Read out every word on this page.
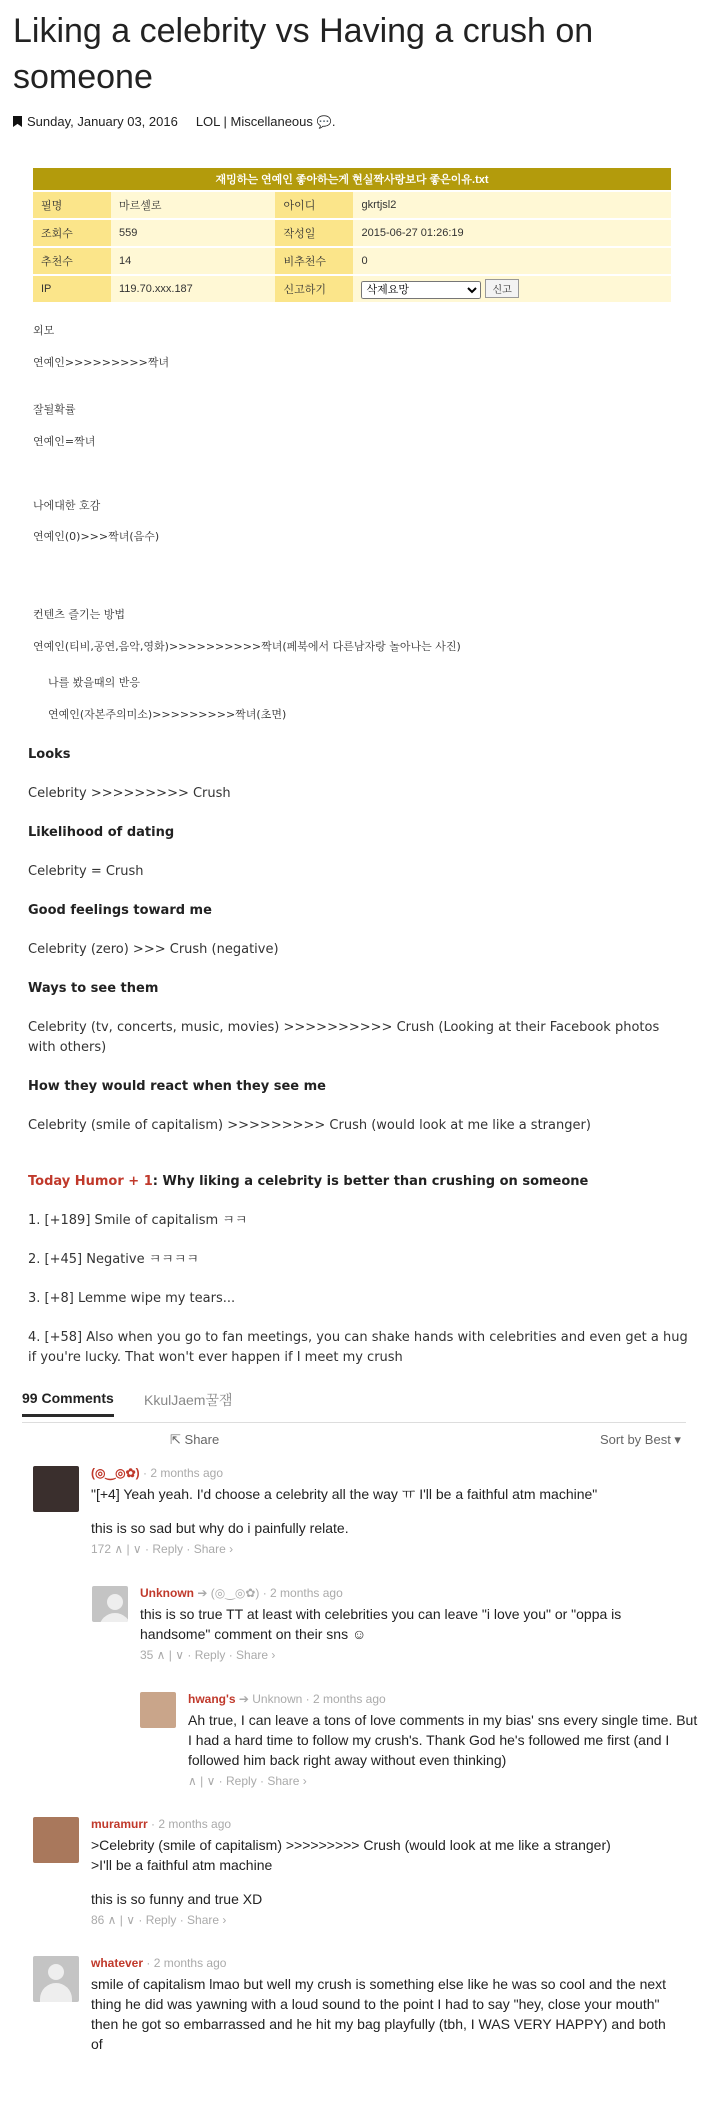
Liking a celebrity vs Having a crush on someone
Sunday, January 03, 2016 LOL | Miscellaneous 💬 .
재밍하는 연예인 좋아하는게 현실짝사랑보다 좋은이유.txt			
필명	마르셀로	아이디	gkrtjsl2
조회수	559	작성일	2015-06-27 01:26:19
추천수	14	비추천수	0
IP	119.70.xxx.187	신고하기	
삭제요망신고
외모
연예인>>>>>>>>>짝녀
잘될확률
연예인=짝녀
나에대한 호감
연예인(0)>>>짝녀(음수)
컨텐츠 즐기는 방법
연예인(티비,공연,음악,영화)>>>>>>>>>>짝녀(페북에서 다른남자랑 놀아나는 사진)
나를 봤을때의 반응
연예인(자본주의미소)>>>>>>>>>짝녀(초면)
Looks
Celebrity >>>>>>>>> Crush
Likelihood of dating
Celebrity = Crush
Good feelings toward me
Celebrity (zero) >>> Crush (negative)
Ways to see them
Celebrity (tv, concerts, music, movies) >>>>>>>>>> Crush (Looking at their Facebook photos with others)
How they would react when they see me
Celebrity (smile of capitalism) >>>>>>>>> Crush (would look at me like a stranger)
Today Humor + 1: Why liking a celebrity is better than crushing on someone
1. [+189] Smile of capitalism ㅋㅋ
2. [+45] Negative ㅋㅋㅋㅋ
3. [+8] Lemme wipe my tears...
4. [+58] Also when you go to fan meetings, you can shake hands with celebrities and even get a hug if you're lucky. That won't ever happen if I meet my crush
99 Comments KkulJaem꿀잼
⇱ Share	Sort by Best ▾
(◎‿◎✿) · 2 months ago
"[+4] Yeah yeah. I'd choose a celebrity all the way ㅠ I'll be a faithful atm machine"
this is so sad but why do i painfully relate.
172 ∧ | ∨ · Reply · Share ›
Unknown ➔ (◎‿◎✿) · 2 months ago
this is so true TT at least with celebrities you can leave "i love you" or "oppa is handsome" comment on their sns ☺
35 ∧ | ∨ · Reply · Share ›
hwang's ➔ Unknown · 2 months ago
Ah true, I can leave a tons of love comments in my bias' sns every single time. But I had a hard time to follow my crush's. Thank God he's followed me first (and I followed him back right away without even thinking)
∧ | ∨ · Reply · Share ›
muramurr · 2 months ago
>Celebrity (smile of capitalism) >>>>>>>>> Crush (would look at me like a stranger)
>I'll be a faithful atm machine
this is so funny and true XD
86 ∧ | ∨ · Reply · Share ›
whatever · 2 months ago
smile of capitalism lmao but well my crush is something else like he was so cool and the next thing he did was yawning with a loud sound to the point I had to say "hey, close your mouth" then he got so embarrassed and he hit my bag playfully (tbh, I WAS VERY HAPPY) and both of
